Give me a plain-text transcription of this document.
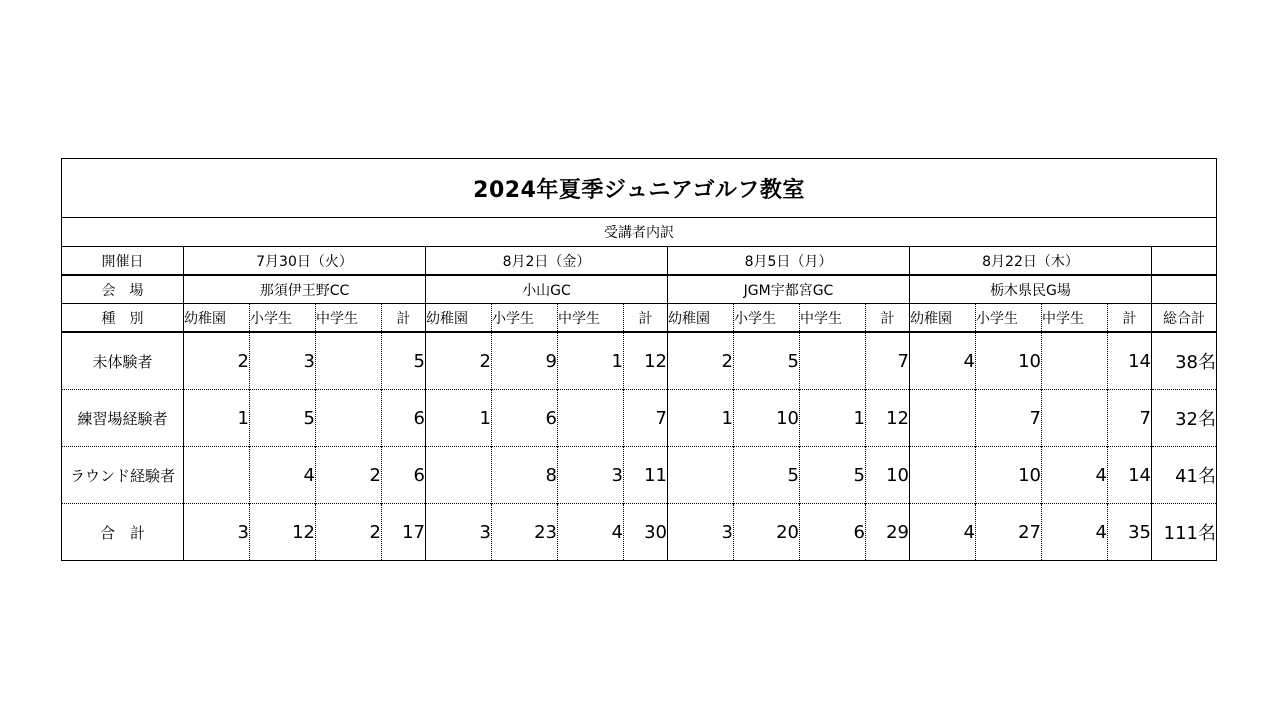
2024年夏季ジュニアゴルフ教室																	
受講者内訳																	
開催日	7月30日（火）				8月2日（金）				8月5日（月）				8月22日（木）				
会　場	那須伊王野CC				小山GC				JGM宇都宮GC				栃木県民G場				
種　別	幼稚園	小学生	中学生	計	幼稚園	小学生	中学生	計	幼稚園	小学生	中学生	計	幼稚園	小学生	中学生	計	総合計
未体験者	2	3		5	2	9	1	12	2	5		7	4	10		14	38名
練習場経験者	1	5		6	1	6		7	1	10	1	12		7		7	32名
ラウンド経験者		4	2	6		8	3	11		5	5	10		10	4	14	41名
合　計	3	12	2	17	3	23	4	30	3	20	6	29	4	27	4	35	111名
